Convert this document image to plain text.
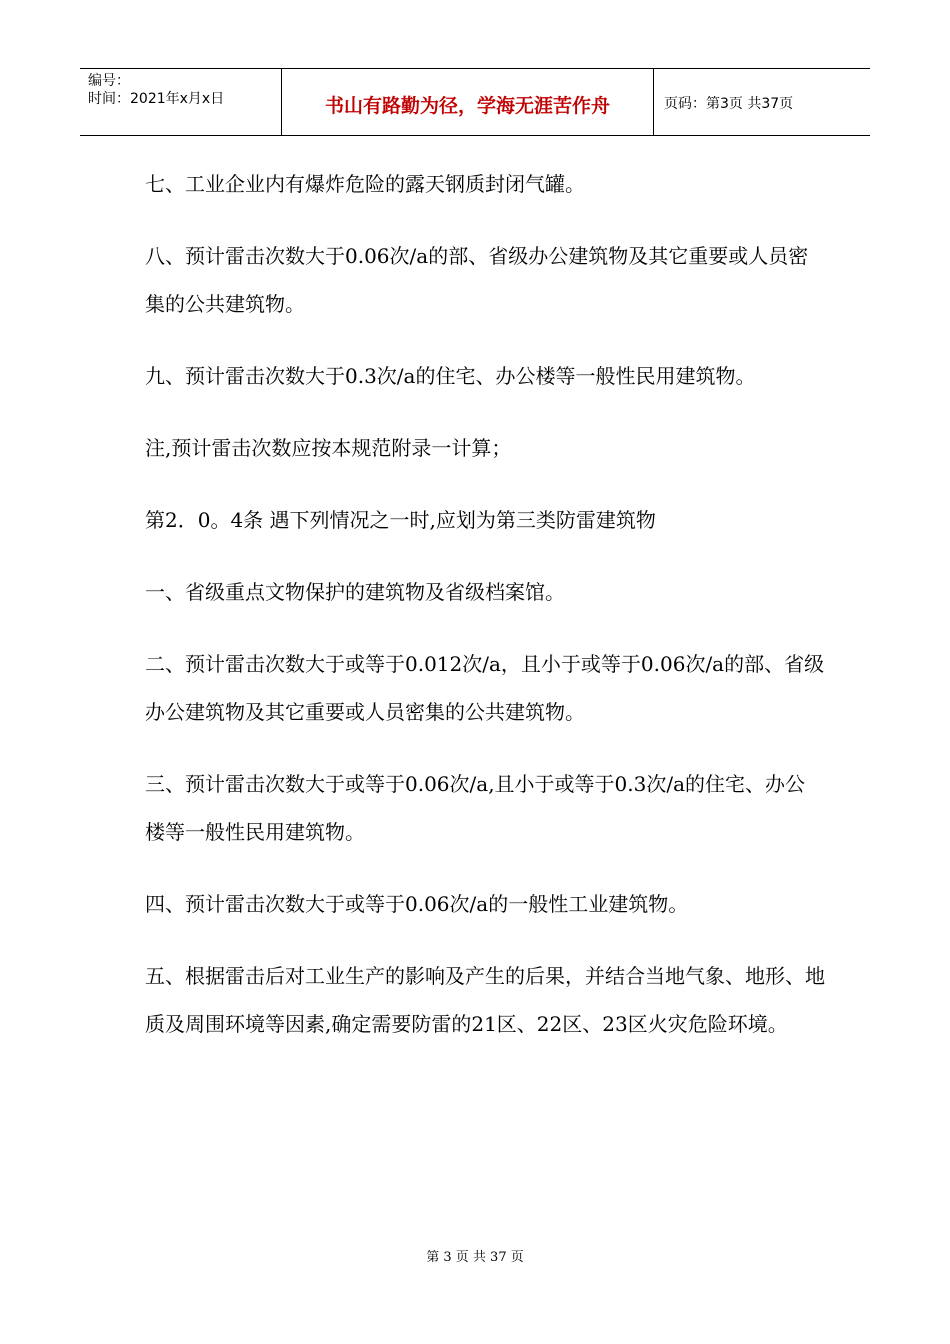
编号：
时间：2021年x月x日	书山有路勤为径，学海无涯苦作舟	页码：第3页 共37页

七、工业企业内有爆炸危险的露天钢质封闭气罐。

八、预计雷击次数大于0.06次/a的部、省级办公建筑物及其它重要或人员密集的公共建筑物。

九、预计雷击次数大于0.3次/a的住宅、办公楼等一般性民用建筑物。

注,预计雷击次数应按本规范附录一计算；

第2．0。4条 遇下列情况之一时,应划为第三类防雷建筑物

一、省级重点文物保护的建筑物及省级档案馆。

二、预计雷击次数大于或等于0.012次/a，且小于或等于0.06次/a的部、省级办公建筑物及其它重要或人员密集的公共建筑物。

三、预计雷击次数大于或等于0.06次/a,且小于或等于0.3次/a的住宅、办公楼等一般性民用建筑物。

四、预计雷击次数大于或等于0.06次/a的一般性工业建筑物。

五、根据雷击后对工业生产的影响及产生的后果，并结合当地气象、地形、地质及周围环境等因素,确定需要防雷的21区、22区、23区火灾危险环境。

第 3 页 共 37 页
